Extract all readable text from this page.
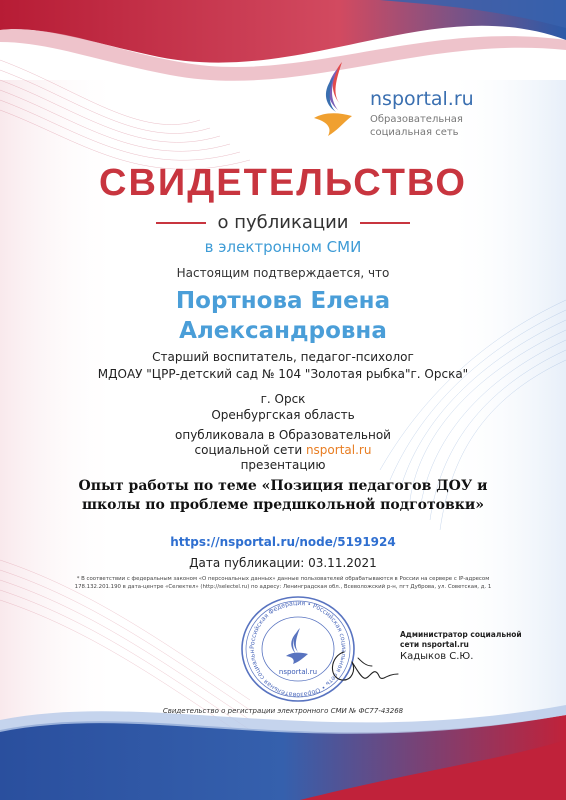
nsportal.ru
Образовательная
социальная сеть
СВИДЕТЕЛЬСТВО
о публикации
в электронном СМИ
Настоящим подтверждается, что
Портнова Елена
Александровна
Старший воспитатель, педагог-психолог
МДОАУ "ЦРР-детский сад № 104 "Золотая рыбка"г. Орска"
г. Орск
Оренбургская область
опубликовала в Образовательной
социальной сети nsportal.ru
презентацию
Опыт работы по теме «Позиция педагогов ДОУ и школы по проблеме предшкольной подготовки»
https://nsportal.ru/node/5191924
Дата публикации: 03.11.2021
* В соответствии с федеральным законом «О персональных данных» данные пользователей обрабатываются в России на сервере с IP-адресом
178.132.201.190 в дата-центре «Селектел» (http://selectel.ru) по адресу: Ленинградская обл., Всеволожский р-н, пгт Дуброва, ул. Советская, д. 1
Российская Федерация • Российская социальная сеть • Образовательная социальн
nsportal.ru
Администратор социальной
сети nsportal.ru
Кадыков С.Ю.
Свидетельство о регистрации электронного СМИ № ФС77-43268
